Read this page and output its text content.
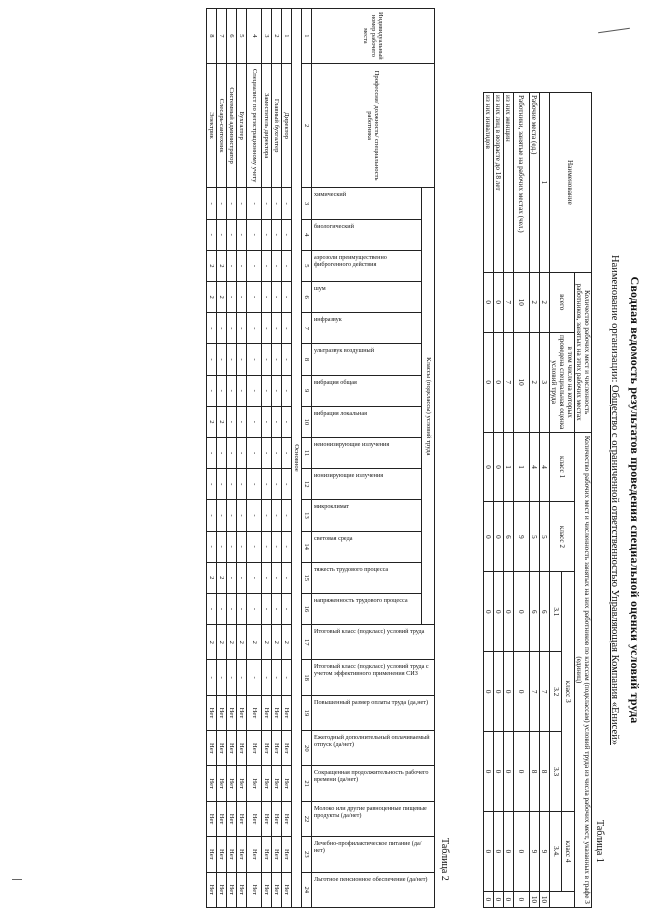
Сводная ведомость результатов проведения специальной оценки условий труда
Наименование организации: Общество с ограниченной ответственностью Управляющая Компания «Енисей»
Таблица 1
Наименование	Количество рабочих мест и численность работников, занятых на этих рабочих местах		Количество рабочих мест и численность занятых на них работников по классам (подклассам) условий труда из числа рабочих мест, указанных в графе 3 (единиц)						
	всего	в том числе на которых проведена специальная оценка условий труда	класс 1	класс 2	класс 3			класс 4	
					3.1	3.2	3.3	3.4.	
1	2	3	4	5	6	7	8	9	10
Рабочие места (ед.)	2	2	4	5	6	7	8	9	10
Работники, занятые на рабочих местах (чел.)	10	10	1	9	0	0	0	0	0
из них женщин	7	7	1	6	0	0	0	0	0
из них лиц в возрасте до 18 лет	0	0	0	0	0	0	0	0	0
из них инвалидов	0	0	0	0	0	0	0	0	0
Таблица 2
Индивидуальный номер рабочего места	Профессия/ должность/ специальность работника	Классы (подклассы) условий труда														Итоговый класс (подкласс) условий труда	Итоговый класс (подкласс) условий труда с учетом эффективного применения СИЗ	Повышенный размер оплаты труда (да,нет)	Ежегодный дополнительный оплачиваемый отпуск (да/нет)	Сокращенная продолжительность рабочего времени (да/нет)	Молоко или другие равноценные пищевые продукты (да/нет)	Лечебно-профилактическое питание (да/нет)	Льготное пенсионное обеспечение (да/нет)

		химический	биологический	аэрозоли преимущественно фиброгенного действия	шум	инфразвук	ультразвук воздушный	вибрация общая	вибрация локальная	неионизирующие излучения	ионизирующие излучения	микроклимат	световая среда	тяжесть трудового процесса	напряженность трудового процесса								

1	2	3	4	5	6	7	8	9	10	11	12	13	14	15	16	17	18	19	20	21	22	23	24
Основное																							
1	Директор	-	-	-	-	-	-	-	-	-	-	-	-	-	-	2	-	Нет	Нет	Нет	Нет	Нет	Нет
2	Главный бухгалтер	-	-	-	-	-	-	-	-	-	-	-	-	-	-	2	-	Нет	Нет	Нет	Нет	Нет	Нет
3	Заместитель директора	-	-	-	-	-	-	-	-	-	-	-	-	-	-	2	-	Нет	Нет	Нет	Нет	Нет	Нет
4	Специалист по регистрационному учету	-	-	-	-	-	-	-	-	-	-	-	-	-	-	2	-	Нет	Нет	Нет	Нет	Нет	Нет
5	Бухгалтер	-	-	-	-	-	-	-	-	-	-	-	-	-	-	2	-	Нет	Нет	Нет	Нет	Нет	Нет
6	Системный администратор	-	-	-	-	-	-	-	-	-	-	-	-	-	-	2	-	Нет	Нет	Нет	Нет	Нет	Нет
7	Слесарь-сантехник	-	-	2	2	-	-	-	2	-	-	-	-	2	-	2	-	Нет	Нет	Нет	Нет	Нет	Нет
8	Электрик	-	-	2	2	-	-	-	2	-	-	-	-	2	-	2	-	Нет	Нет	Нет	Нет	Нет	Нет
